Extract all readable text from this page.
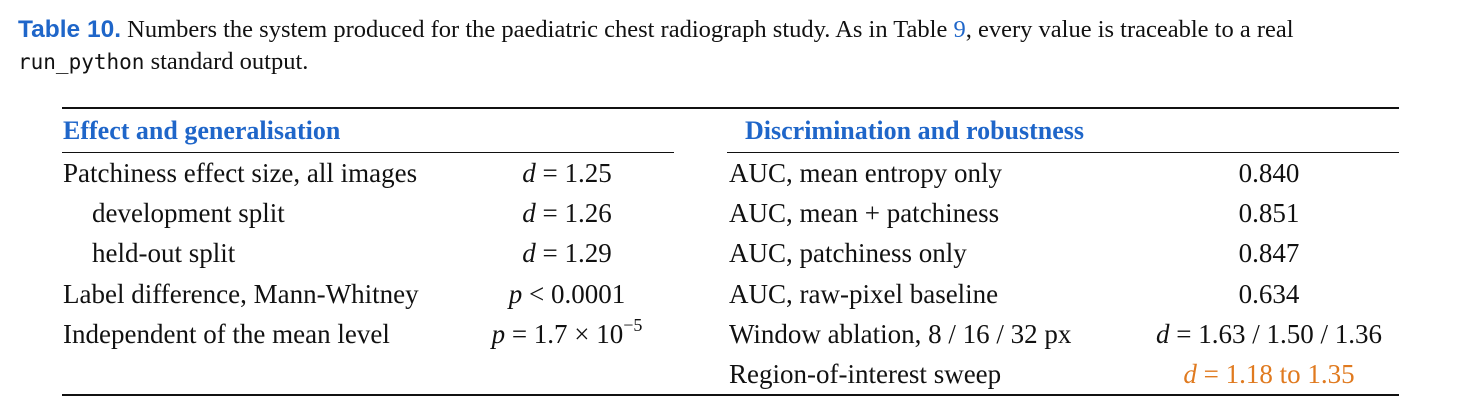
Table 10. Numbers the system produced for the paediatric chest radiograph study. As in Table 9, every value is traceable to a real
run_python standard output.
Effect and generalisation	Discrimination and robustness
Patchiness effect size, all images	d = 1.25
development split	d = 1.26
held-out split	d = 1.29
Label difference, Mann-Whitney	p < 0.0001
Independent of the mean level	$p = 1.7 \times 10^{-5}$
AUC, mean entropy only	0.840
AUC, mean + patchiness	0.851
AUC, patchiness only	0.847
AUC, raw-pixel baseline	0.634
Window ablation, 8 / 16 / 32 px	d = 1.63 / 1.50 / 1.36
Region-of-interest sweep	d = 1.18 to 1.35
